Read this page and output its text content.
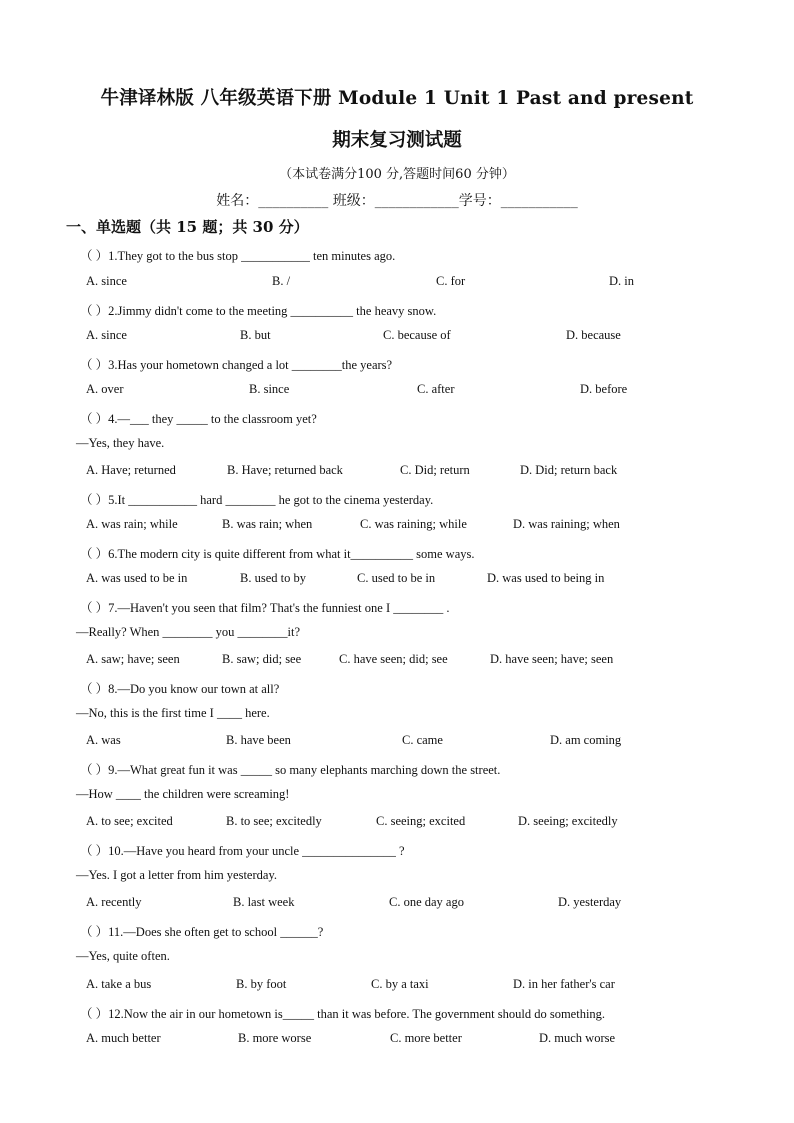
牛津译林版 八年级英语下册 Module 1 Unit 1 Past and present
期末复习测试题
（本试卷满分100 分,答题时间60 分钟）
姓名：__________ 班级：____________学号：___________
一、单选题（共 15 题；共 30 分）
（ ）1.They got to the bus stop ___________ ten minutes ago.
A. since	B. /	C. for	D. in
（ ）2.Jimmy didn't come to the meeting __________ the heavy snow.
A. since	B. but	C. because of	D. because
（ ）3.Has your hometown changed a lot ________the years?
A. over	B. since	C. after	D. before
（ ）4.—___ they _____ to the classroom yet?
—Yes, they have.
A. Have; returned	B. Have; returned back	C. Did; return	D. Did; return back
（ ）5.It ___________ hard ________ he got to the cinema yesterday.
A. was rain; while	B. was rain; when	C. was raining; while	D. was raining; when
（ ）6.The modern city is quite different from what it__________ some ways.
A. was used to be in	B. used to by	C. used to be in	D. was used to being in
（ ）7.—Haven't you seen that film? That's the funniest one I ________ .
—Really? When ________ you ________it?
A. saw; have; seen	B. saw; did; see	C. have seen; did; see	D. have seen; have; seen
（ ）8.—Do you know our town at all?
—No, this is the first time I ____ here.
A. was	B. have been	C. came	D. am coming
（ ）9.—What great fun it was _____ so many elephants marching down the street.
—How ____ the children were screaming!
A. to see; excited	B. to see; excitedly	C. seeing; excited	D. seeing; excitedly
（ ）10.—Have you heard from your uncle _______________ ?
—Yes. I got a letter from him yesterday.
A. recently	B. last week	C. one day ago	D. yesterday
（ ）11.—Does she often get to school ______?
—Yes, quite often.
A. take a bus	B. by foot	C. by a taxi	D. in her father's car
（ ）12.Now the air in our hometown is_____ than it was before. The government should do something.
A. much better	B. more worse	C. more better	D. much worse
